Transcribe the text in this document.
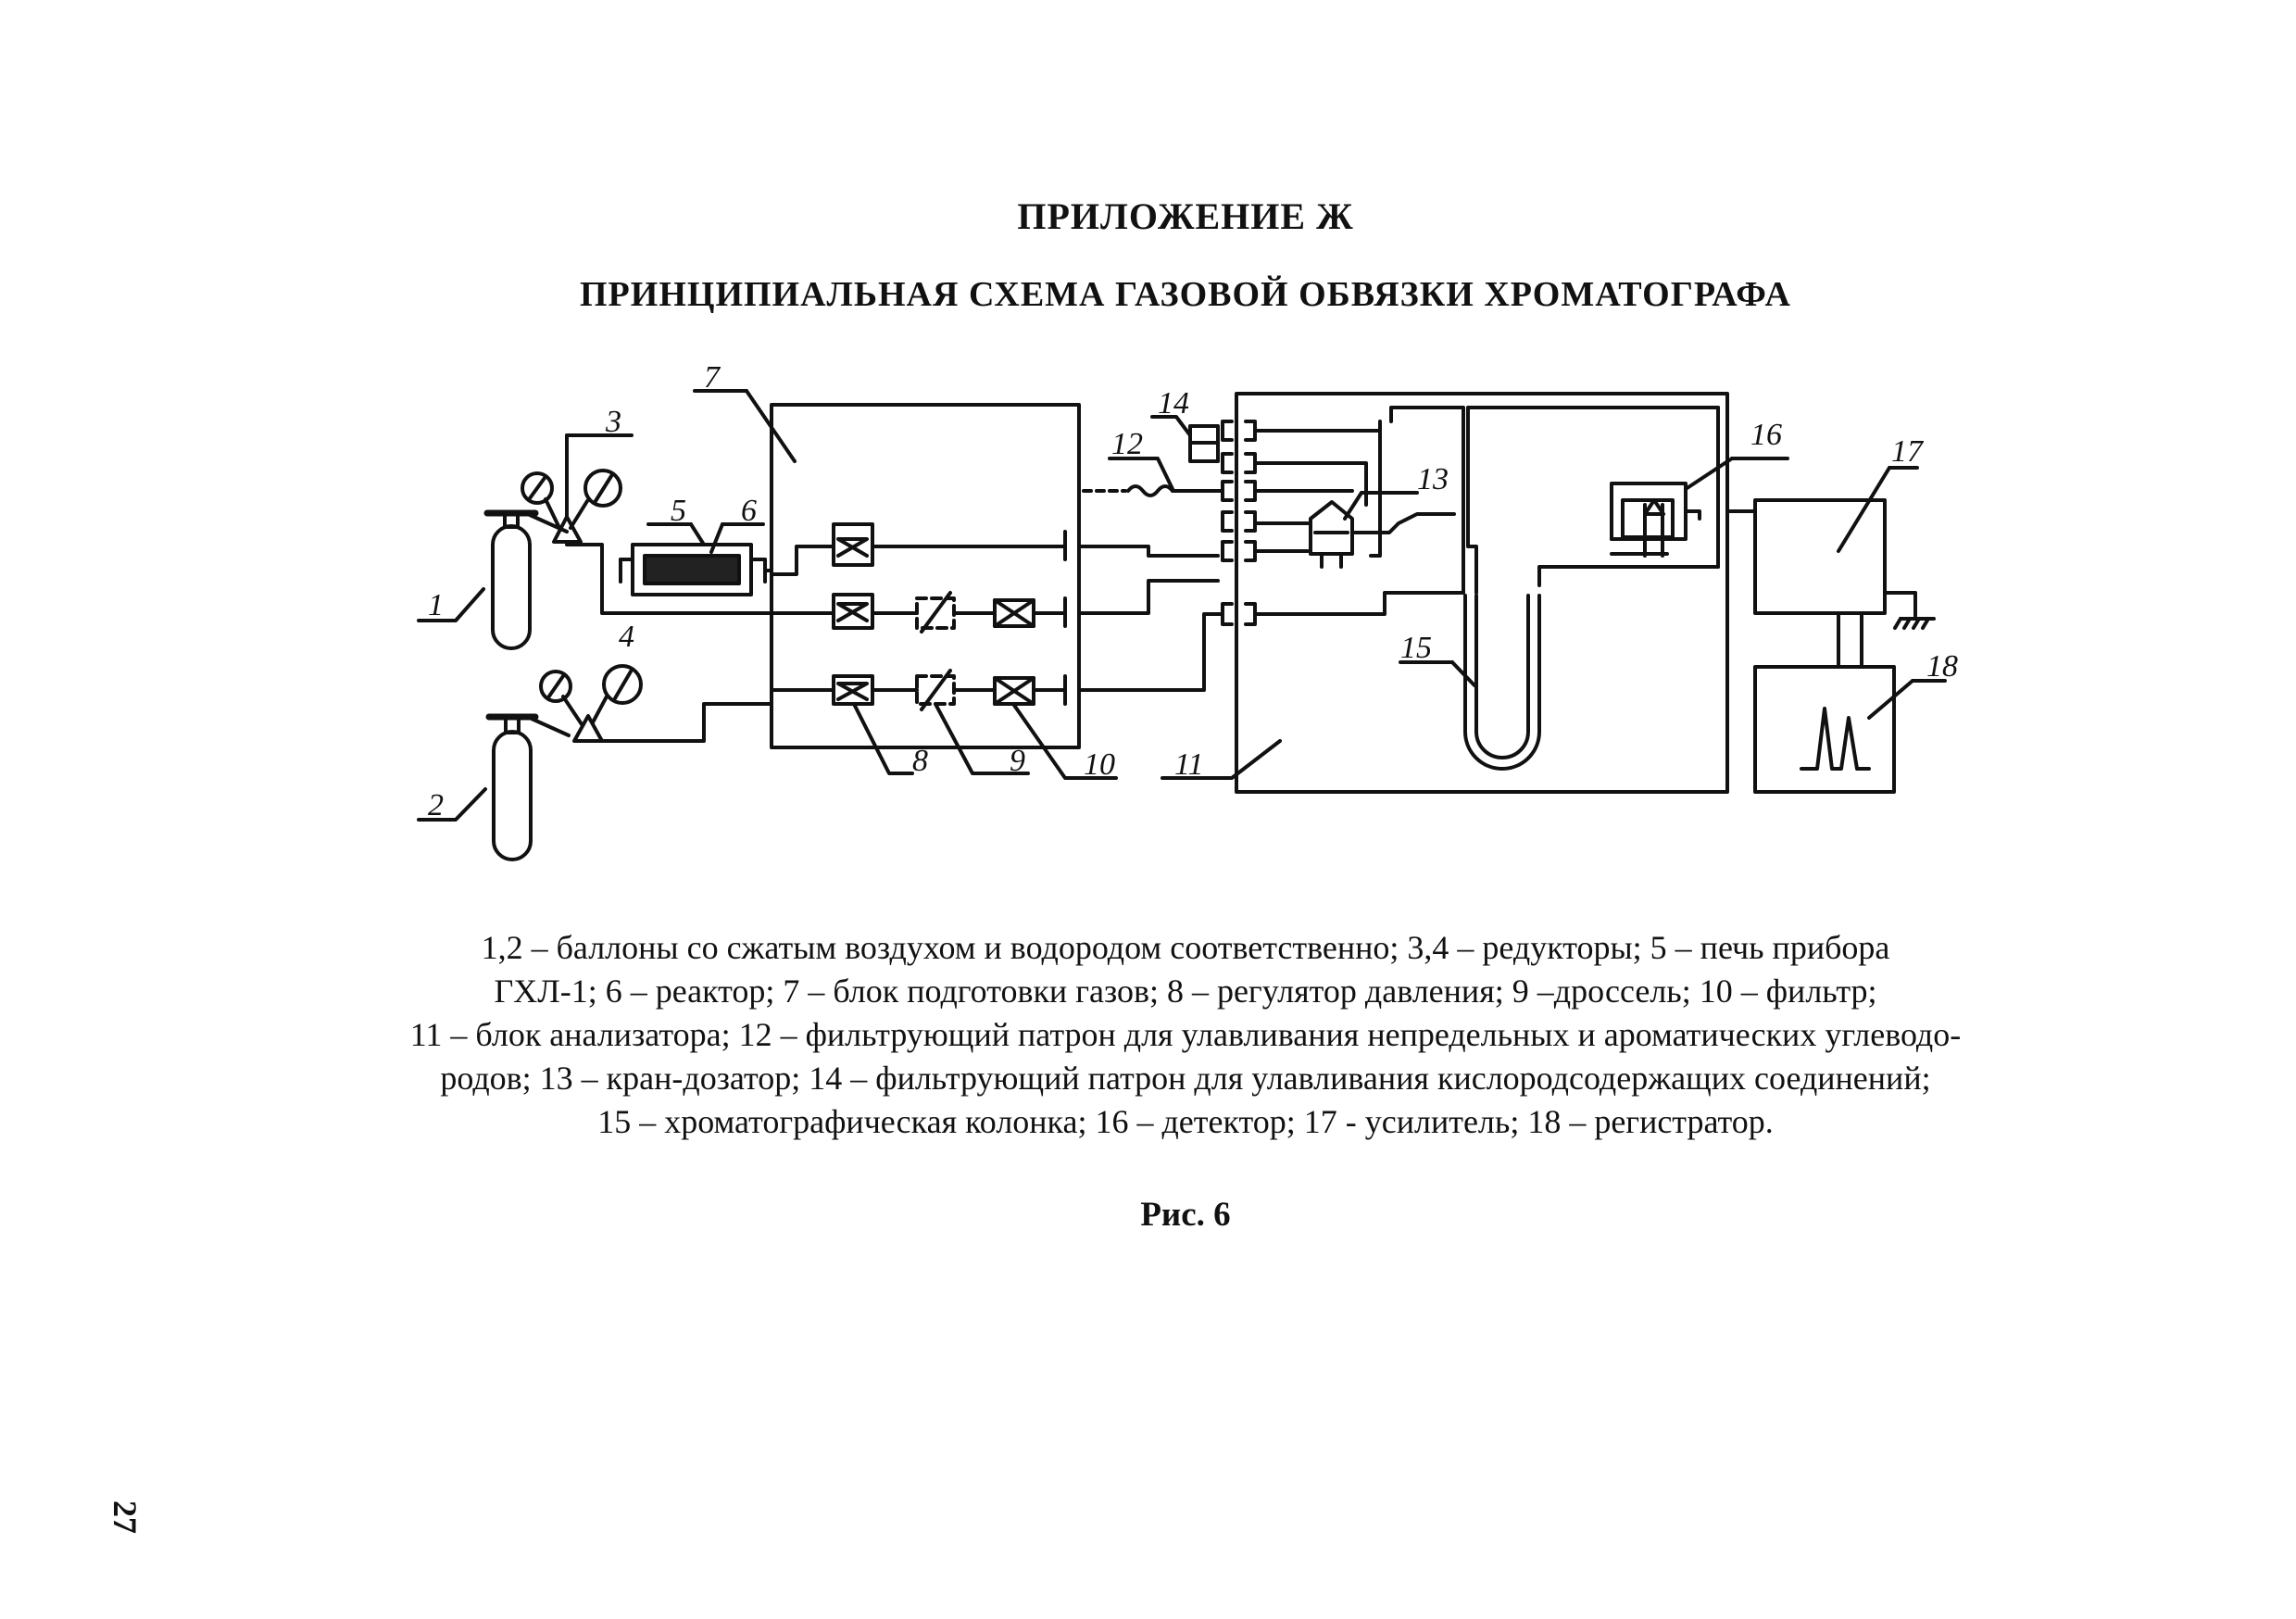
ПРИЛОЖЕНИЕ Ж
ПРИНЦИПИАЛЬНАЯ СХЕМА ГАЗОВОЙ ОБВЯЗКИ ХРОМАТОГРАФА
1
2
3
4
5 6
7
8	9 10 11
12
13
14
15
16	17
18
1,2 – баллоны со сжатым воздухом и водородом соответственно; 3,4 – редукторы; 5 – печь прибора
ГХЛ-1; 6 – реактор; 7 – блок подготовки газов; 8 – регулятор давления; 9 –дроссель; 10 – фильтр;
11 – блок анализатора; 12 – фильтрующий патрон для улавливания непредельных и ароматических углеводо-
родов; 13 – кран-дозатор; 14 – фильтрующий патрон для улавливания кислородсодержащих соединений;
15 – хроматографическая колонка; 16 – детектор; 17 - усилитель; 18 – регистратор.
Рис. 6
27
